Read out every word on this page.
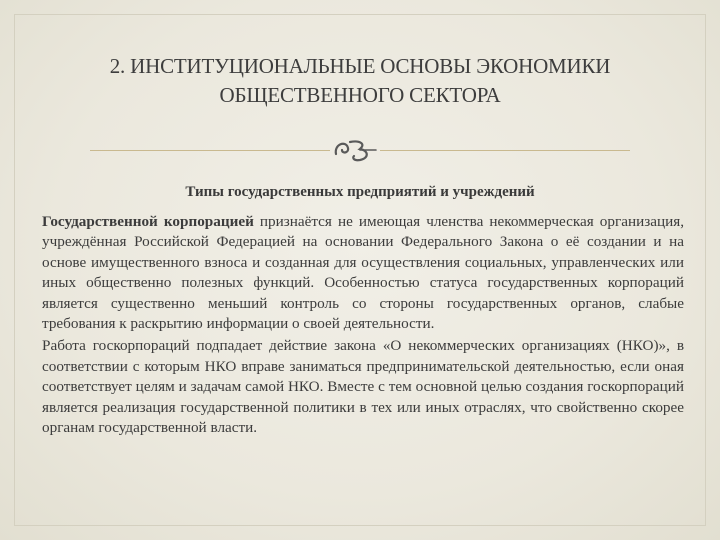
2. ИНСТИТУЦИОНАЛЬНЫЕ ОСНОВЫ ЭКОНОМИКИ
ОБЩЕСТВЕННОГО СЕКТОРА
Типы государственных предприятий и учреждений

Государственной корпорацией признаётся не имеющая членства некоммерческая организация, учреждённая Российской Федерацией на основании Федерального Закона о её создании и на основе имущественного взноса и созданная для осуществления социальных, управленческих или иных общественно полезных функций. Особенностью статуса государственных корпораций является существенно меньший контроль со стороны государственных органов, слабые требования к раскрытию информации о своей деятельности.

Работа госкорпораций подпадает действие закона «О некоммерческих организациях (НКО)», в соответствии с которым НКО вправе заниматься предпринимательской деятельностью, если оная соответствует целям и задачам самой НКО. Вместе с тем основной целью создания госкорпораций является реализация государственной политики в тех или иных отраслях, что свойственно скорее органам государственной власти.
